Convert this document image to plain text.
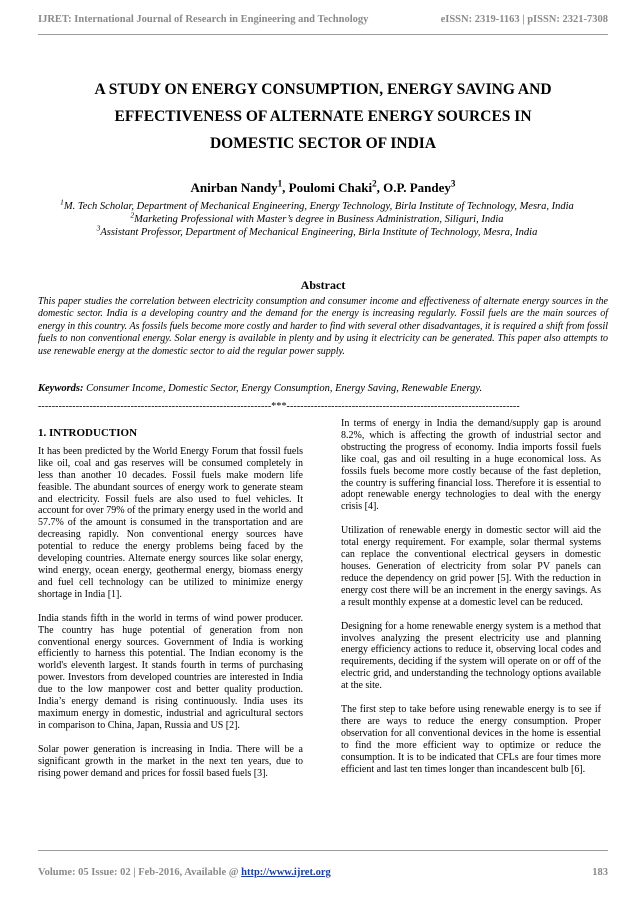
IJRET: International Journal of Research in Engineering and Technology	eISSN: 2319-1163 | pISSN: 2321-7308
A STUDY ON ENERGY CONSUMPTION, ENERGY SAVING AND
EFFECTIVENESS OF ALTERNATE ENERGY SOURCES IN
DOMESTIC SECTOR OF INDIA
Anirban Nandy$^1$, Poulomi Chaki$^2$, O.P. Pandey$^3$
$^1$M. Tech Scholar, Department of Mechanical Engineering, Energy Technology, Birla Institute of Technology, Mesra, India
$^2$Marketing Professional with Master’s degree in Business Administration, Siliguri, India
$^3$Assistant Professor, Department of Mechanical Engineering, Birla Institute of Technology, Mesra, India
Abstract
This paper studies the correlation between electricity consumption and consumer income and effectiveness of alternate energy sources in the domestic sector. India is a developing country and the demand for the energy is increasing regularly. Fossil fuels are the main sources of energy in this country. As fossils fuels become more costly and harder to find with several other disadvantages, it is required a shift from fossil fuels to non conventional energy. Solar energy is available in plenty and by using it electricity can be generated. This paper also attempts to use renewable energy at the domestic sector to aid the regular power supply.
Keywords: Consumer Income, Domestic Sector, Energy Consumption, Energy Saving, Renewable Energy.
--------------------------------------------------------------------***--------------------------------------------------------------------
1. INTRODUCTION

It has been predicted by the World Energy Forum that fossil fuels like oil, coal and gas reserves will be consumed completely in less than another 10 decades. Fossil fuels make modern life feasible. The abundant sources of energy work to generate steam and electricity. Fossil fuels are also used to fuel vehicles. It account for over 79% of the primary energy used in the world and 57.7% of the amount is consumed in the transportation and are decreasing rapidly. Non conventional energy sources have potential to reduce the energy problems being faced by the developing countries. Alternate energy sources like solar energy, wind energy, ocean energy, geothermal energy, biomass energy and fuel cell technology can be utilized to minimize energy shortage in India [1].

India stands fifth in the world in terms of wind power producer. The country has huge potential of generation from non conventional energy sources. Government of India is working efficiently to harness this potential. The Indian economy is the world's eleventh largest. It stands fourth in terms of purchasing power. Investors from developed countries are interested in India due to the low manpower cost and better quality production. India’s energy demand is rising continuously. India uses its maximum energy in domestic, industrial and agricultural sectors in comparison to China, Japan, Russia and US [2].

Solar power generation is increasing in India. There will be a significant growth in the market in the next ten years, due to rising power demand and prices for fossil based fuels [3].

In terms of energy in India the demand/supply gap is around 8.2%, which is affecting the growth of industrial sector and obstructing the progress of economy. India imports fossil fuels like coal, gas and oil resulting in a huge economical loss. As fossils fuels become more costly because of the fast depletion, the country is suffering financial loss. Therefore it is essential to adopt renewable energy technologies to deal with the energy crisis [4].

Utilization of renewable energy in domestic sector will aid the total energy requirement. For example, solar thermal systems can replace the conventional electrical geysers in domestic houses. Generation of electricity from solar PV panels can reduce the dependency on grid power [5]. With the reduction in energy cost there will be an increment in the energy savings. As a result monthly expense at a domestic level can be reduced.

Designing for a home renewable energy system is a method that involves analyzing the present electricity use and planning energy efficiency actions to reduce it, observing local codes and requirements, deciding if the system will operate on or off of the electric grid, and understanding the technology options available at the site.

The first step to take before using renewable energy is to see if there are ways to reduce the energy consumption. Proper observation for all conventional devices in the home is essential to find the more efficient way to optimize or reduce the consumption. It is to be indicated that CFLs are four times more efficient and last ten times longer than incandescent bulb [6].

Volume: 05 Issue: 02 | Feb-2016, Available @ http://www.ijret.org	183
